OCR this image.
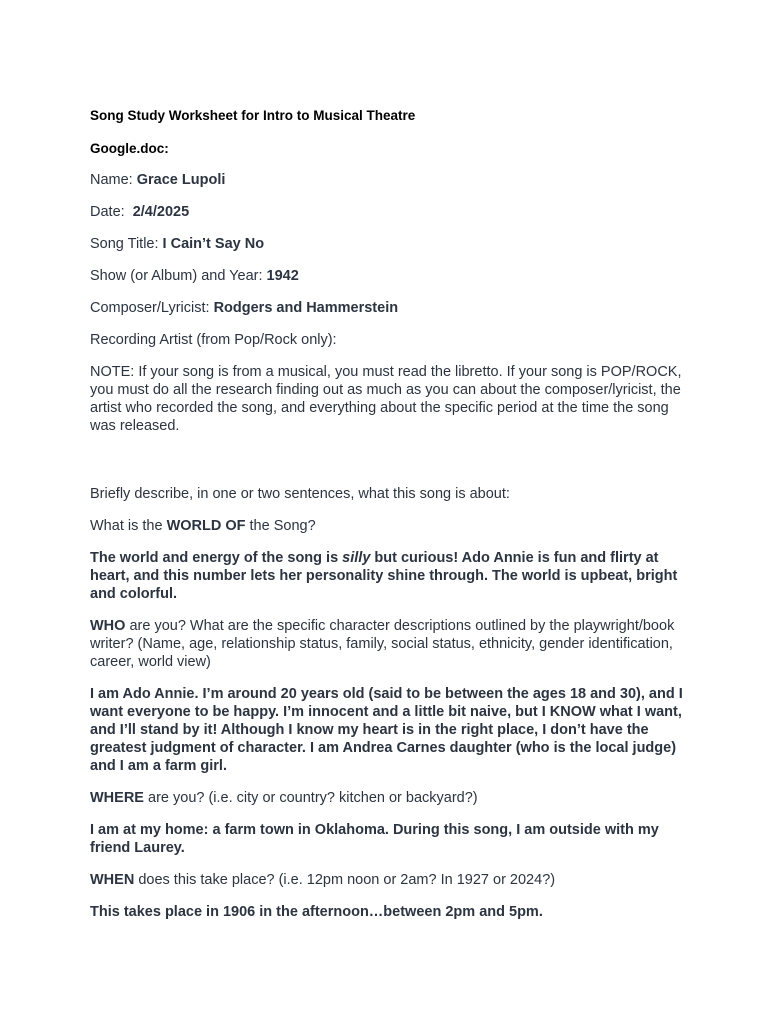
Song Study Worksheet for Intro to Musical Theatre

Google.doc:

Name: Grace Lupoli

Date:  2/4/2025

Song Title: I Cain’t Say No

Show (or Album) and Year: 1942

Composer/Lyricist: Rodgers and Hammerstein

Recording Artist (from Pop/Rock only):

NOTE: If your song is from a musical, you must read the libretto. If your song is POP/ROCK, you must do all the research finding out as much as you can about the composer/lyricist, the artist who recorded the song, and everything about the specific period at the time the song was released.

Briefly describe, in one or two sentences, what this song is about:

What is the WORLD OF the Song?

The world and energy of the song is silly but curious! Ado Annie is fun and flirty at heart, and this number lets her personality shine through. The world is upbeat, bright and colorful.

WHO are you? What are the specific character descriptions outlined by the playwright/book writer? (Name, age, relationship status, family, social status, ethnicity, gender identification, career, world view)

I am Ado Annie. I’m around 20 years old (said to be between the ages 18 and 30), and I want everyone to be happy. I’m innocent and a little bit naive, but I KNOW what I want, and I’ll stand by it! Although I know my heart is in the right place, I don’t have the greatest judgment of character. I am Andrea Carnes daughter (who is the local judge) and I am a farm girl.

WHERE are you? (i.e. city or country? kitchen or backyard?)

I am at my home: a farm town in Oklahoma. During this song, I am outside with my friend Laurey.

WHEN does this take place? (i.e. 12pm noon or 2am? In 1927 or 2024?)

This takes place in 1906 in the afternoon…between 2pm and 5pm.
